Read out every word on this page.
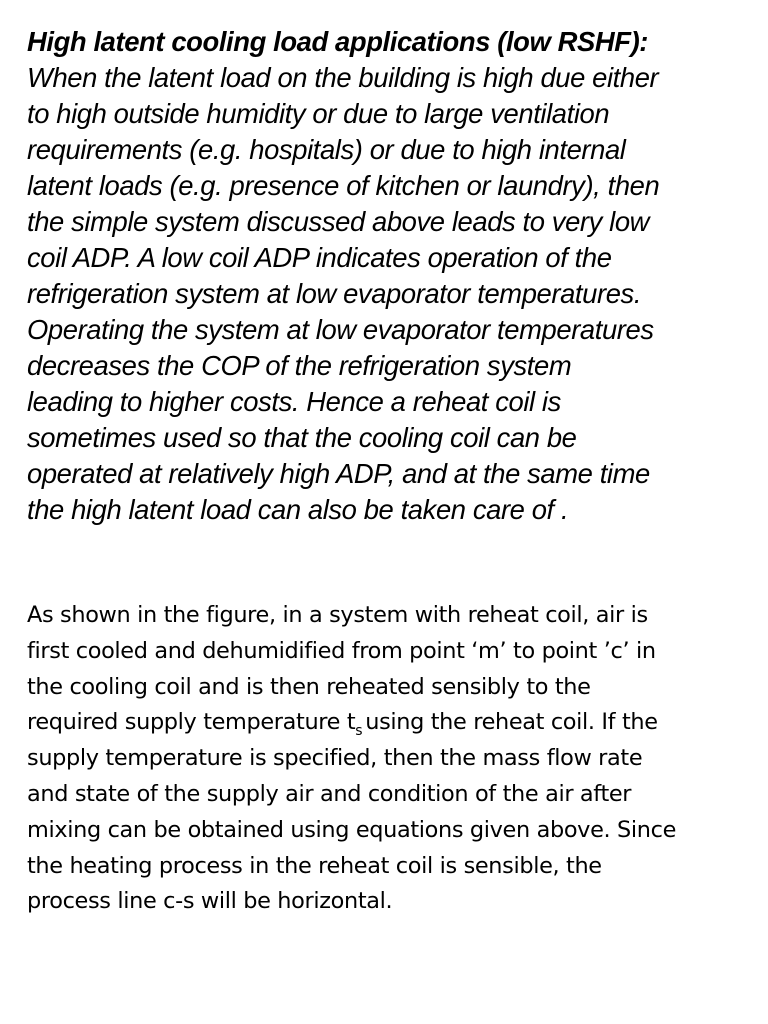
High latent cooling load applications (low RSHF):
When the latent load on the building is high due either
to high outside humidity or due to large ventilation
requirements (e.g. hospitals) or due to high internal
latent loads (e.g. presence of kitchen or laundry), then
the simple system discussed above leads to very low
coil ADP. A low coil ADP indicates operation of the
refrigeration system at low evaporator temperatures.
Operating the system at low evaporator temperatures
decreases the COP of the refrigeration system
leading to higher costs. Hence a reheat coil is
sometimes used so that the cooling coil can be
operated at relatively high ADP, and at the same time
the high latent load can also be taken care of .
As shown in the figure, in a system with reheat coil, air is
first cooled and dehumidified from point ‘m’ to point ’c’ in
the cooling coil and is then reheated sensibly to the
required supply temperature $t_s$ using the reheat coil. If the
supply temperature is specified, then the mass flow rate
and state of the supply air and condition of the air after
mixing can be obtained using equations given above. Since
the heating process in the reheat coil is sensible, the
process line c-s will be horizontal.
